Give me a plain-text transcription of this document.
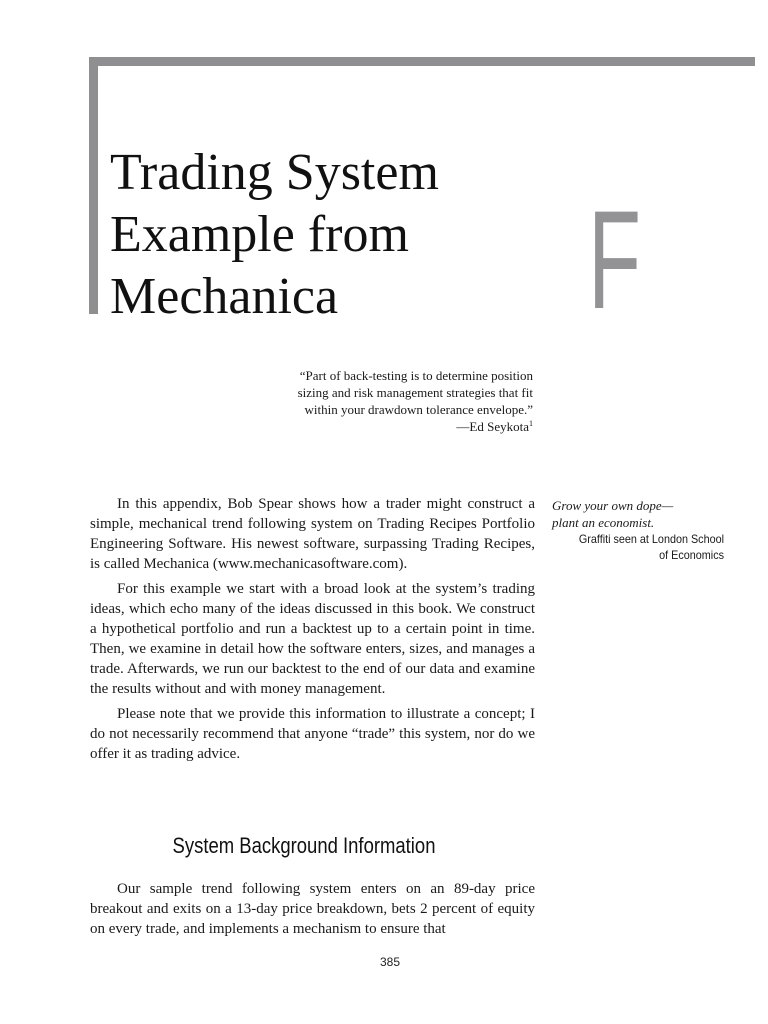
Trading System
Example from
Mechanica	F
“Part of back-testing is to determine position
sizing and risk management strategies that fit
within your drawdown tolerance envelope.”
—Ed Seykota$^1$

In this appendix, Bob Spear shows how a trader might construct a simple, mechanical trend following system on Trading Recipes Portfolio Engineering Software. His newest software, surpassing Trading Recipes, is called Mechanica (www.mechanicasoftware.com).

For this example we start with a broad look at the system’s trading ideas, which echo many of the ideas discussed in this book. We construct a hypothetical portfolio and run a backtest up to a certain point in time. Then, we examine in detail how the software enters, sizes, and manages a trade. Afterwards, we run our backtest to the end of our data and examine the results without and with money management.

Please note that we provide this information to illustrate a concept; I do not necessarily recommend that anyone “trade” this system, nor do we offer it as trading advice.

System Background Information

Our sample trend following system enters on an 89-day price breakout and exits on a 13-day price breakdown, bets 2 percent of equity on every trade, and implements a mechanism to ensure that

Grow your own dope—
plant an economist.
Graffiti seen at London School of Economics
385
